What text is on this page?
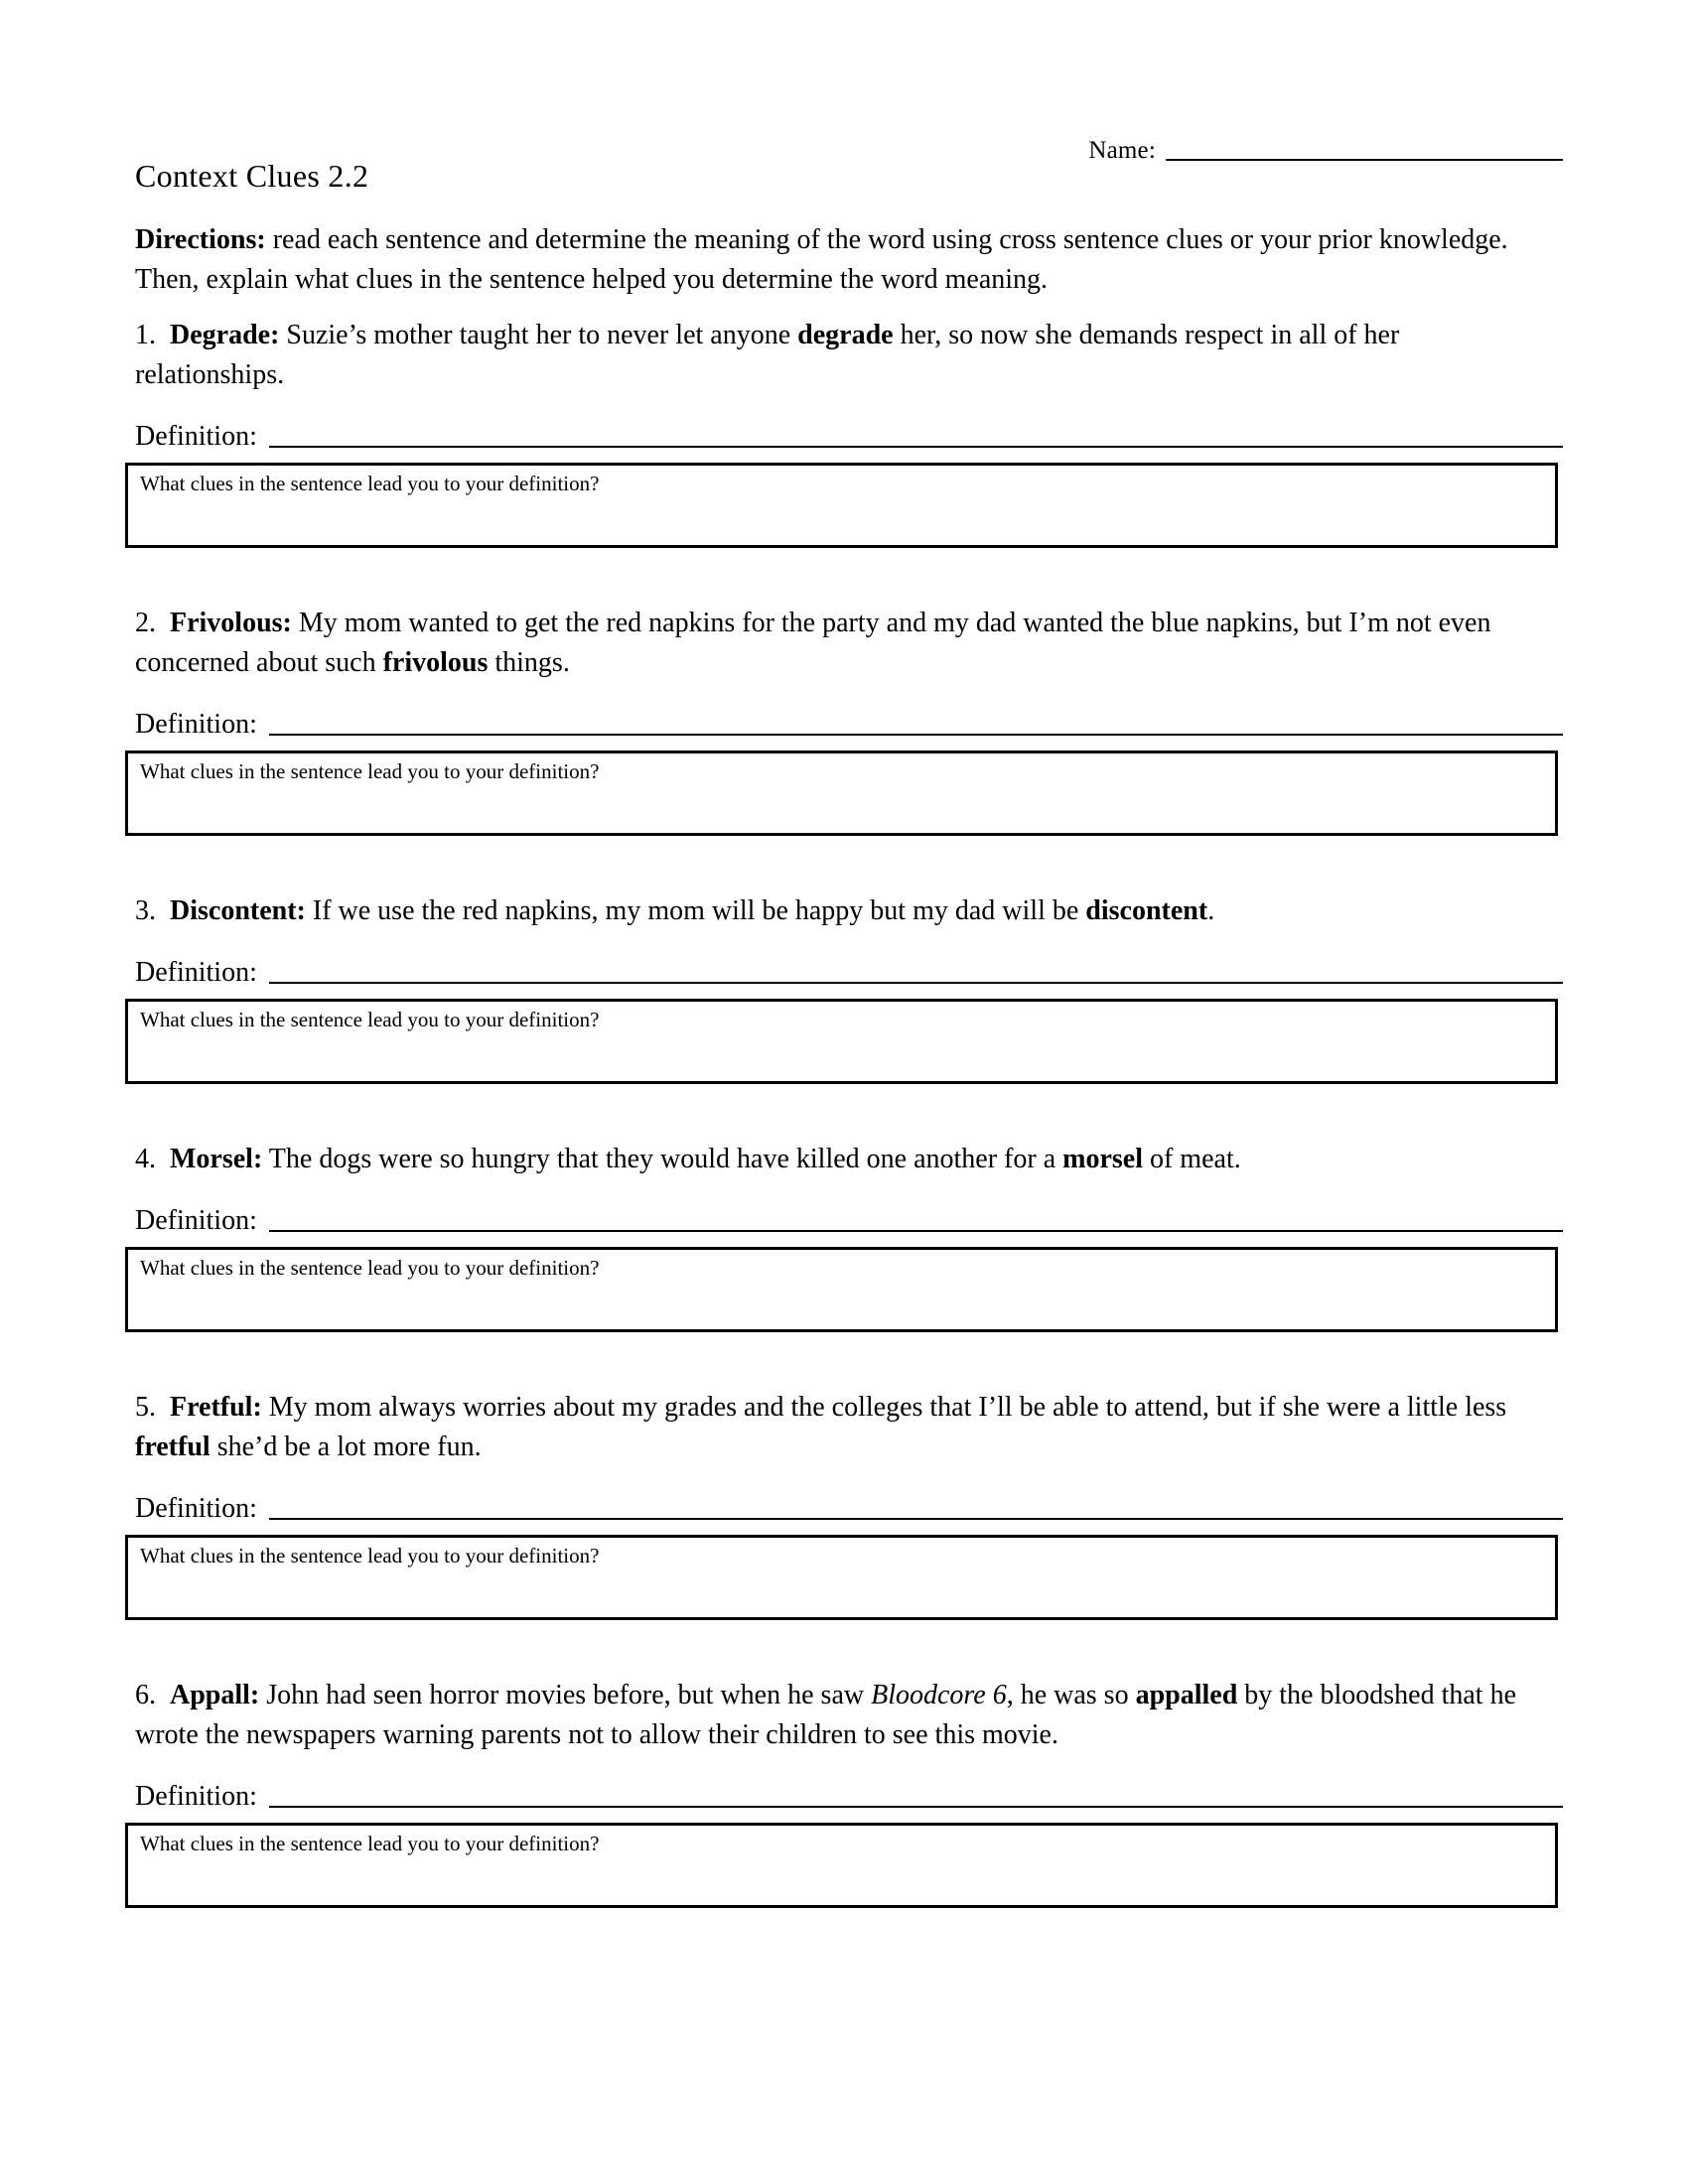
Name:
Context Clues 2.2
Directions: read each sentence and determine the meaning of the word using cross sentence clues or your prior knowledge. Then, explain what clues in the sentence helped you determine the word meaning.

1. Degrade: Suzie’s mother taught her to never let anyone degrade her, so now she demands respect in all of her relationships.

Definition:
What clues in the sentence lead you to your definition?

2. Frivolous: My mom wanted to get the red napkins for the party and my dad wanted the blue napkins, but I’m not even concerned about such frivolous things.

Definition:
What clues in the sentence lead you to your definition?

3. Discontent: If we use the red napkins, my mom will be happy but my dad will be discontent.

Definition:
What clues in the sentence lead you to your definition?

4. Morsel: The dogs were so hungry that they would have killed one another for a morsel of meat.

Definition:
What clues in the sentence lead you to your definition?

5. Fretful: My mom always worries about my grades and the colleges that I’ll be able to attend, but if she were a little less fretful she’d be a lot more fun.

Definition:
What clues in the sentence lead you to your definition?

6. Appall: John had seen horror movies before, but when he saw Bloodcore 6, he was so appalled by the bloodshed that he wrote the newspapers warning parents not to allow their children to see this movie.

Definition:
What clues in the sentence lead you to your definition?
